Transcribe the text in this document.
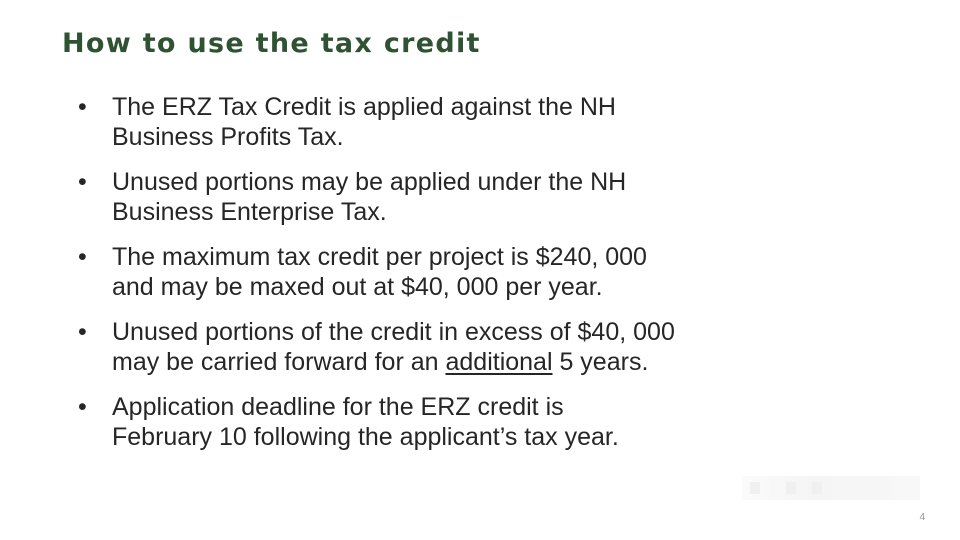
How to use the tax credit
• The ERZ Tax Credit is applied against the NH
Business Profits Tax.
• Unused portions may be applied under the NH
Business Enterprise Tax.
• The maximum tax credit per project is $240, 000
and may be maxed out at $40, 000 per year.
• Unused portions of the credit in excess of $40, 000
may be carried forward for an additional 5 years.
• Application deadline for the ERZ credit is
February 10 following the applicant’s tax year.
4
